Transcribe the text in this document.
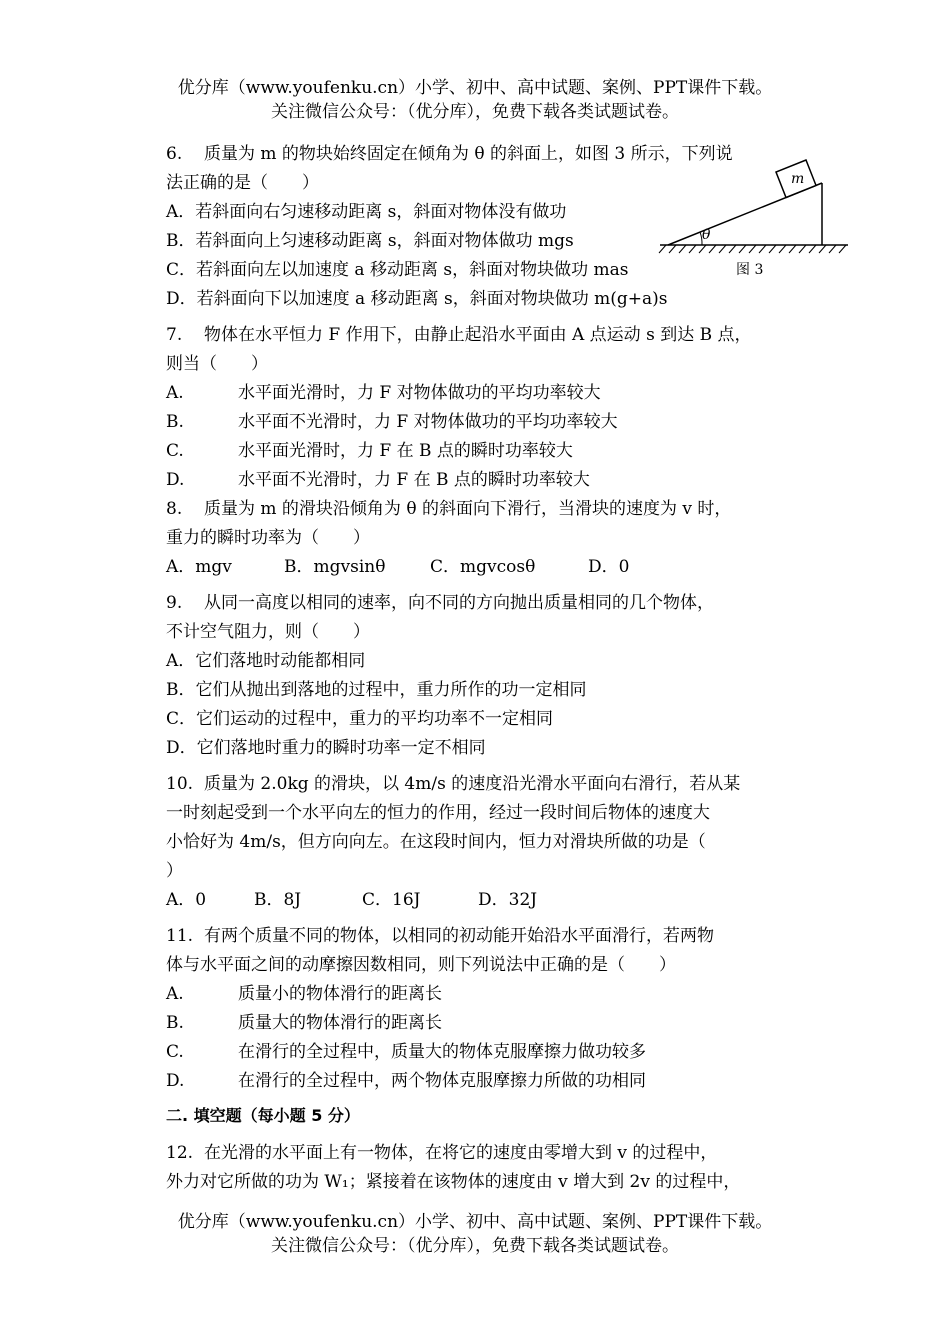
优分库（www.youfenku.cn）小学、初中、高中试题、案例、PPT课件下载。
关注微信公众号：（优分库），免费下载各类试题试卷。
6. 质量为 m 的物块始终固定在倾角为 θ 的斜面上，如图 3 所示，下列说
法正确的是（　　）
A．若斜面向右匀速移动距离 s，斜面对物体没有做功
B．若斜面向上匀速移动距离 s，斜面对物体做功 mgs
C．若斜面向左以加速度 a 移动距离 s，斜面对物块做功 mas
D．若斜面向下以加速度 a 移动距离 s，斜面对物块做功 m(g+a)s
θ
m
图 3
7. 物体在水平恒力 F 作用下，由静止起沿水平面由 A 点运动 s 到达 B 点，
则当（　　）
A.	水平面光滑时，力 F 对物体做功的平均功率较大
B.	水平面不光滑时，力 F 对物体做功的平均功率较大
C.	水平面光滑时，力 F 在 B 点的瞬时功率较大
D.	水平面不光滑时，力 F 在 B 点的瞬时功率较大
8. 质量为 m 的滑块沿倾角为 θ 的斜面向下滑行，当滑块的速度为 v 时，
重力的瞬时功率为（　　）
A．mgv	B．mgvsinθ	C．mgvcosθ	D．0
9. 从同一高度以相同的速率，向不同的方向抛出质量相同的几个物体，
不计空气阻力，则（　　）
A．它们落地时动能都相同
B．它们从抛出到落地的过程中，重力所作的功一定相同
C．它们运动的过程中，重力的平均功率不一定相同
D．它们落地时重力的瞬时功率一定不相同
10. 质量为 2.0kg 的滑块，以 4m/s 的速度沿光滑水平面向右滑行，若从某
一时刻起受到一个水平向左的恒力的作用，经过一段时间后物体的速度大
小恰好为 4m/s，但方向向左。在这段时间内，恒力对滑块所做的功是（
）
A．0	B．8J	C．16J	D．32J
11. 有两个质量不同的物体，以相同的初动能开始沿水平面滑行，若两物
体与水平面之间的动摩擦因数相同，则下列说法中正确的是（　　）
A.	质量小的物体滑行的距离长
B.	质量大的物体滑行的距离长
C.	在滑行的全过程中，质量大的物体克服摩擦力做功较多
D.	在滑行的全过程中，两个物体克服摩擦力所做的功相同
二. 填空题（每小题 5 分）
12. 在光滑的水平面上有一物体，在将它的速度由零增大到 v 的过程中，
外力对它所做的功为 W₁；紧接着在该物体的速度由 v 增大到 2v 的过程中，
优分库（www.youfenku.cn）小学、初中、高中试题、案例、PPT课件下载。
关注微信公众号：（优分库），免费下载各类试题试卷。
